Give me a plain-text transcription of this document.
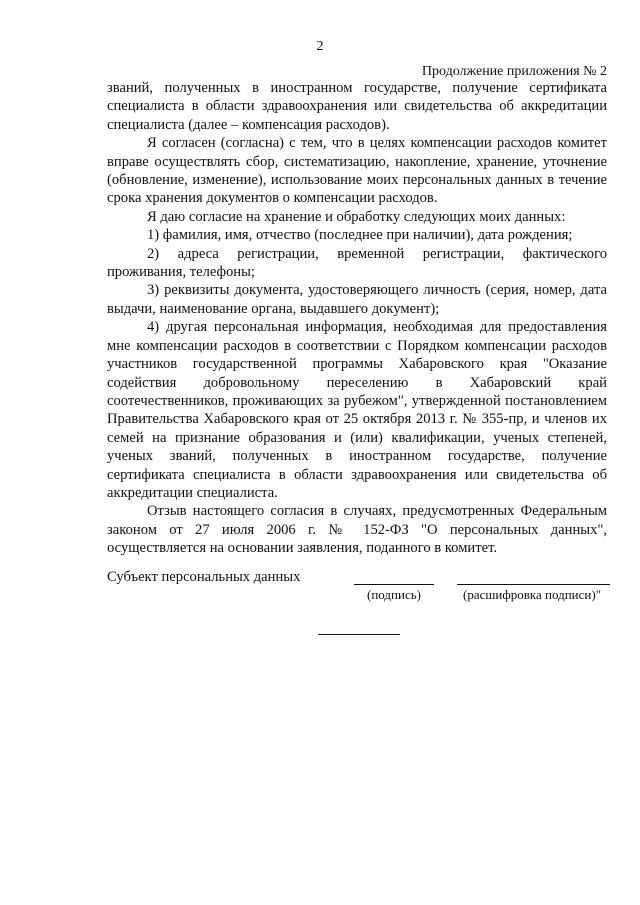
2
Продолжение приложения № 2

званий, полученных в иностранном государстве, получение сертификата специалиста в области здравоохранения или свидетельства об аккредитации специалиста (далее – компенсация расходов).

Я согласен (согласна) с тем, что в целях компенсации расходов комитет вправе осуществлять сбор, систематизацию, накопление, хранение, уточнение (обновление, изменение), использование моих персональных данных в течение срока хранения документов о компенсации расходов.

Я даю согласие на хранение и обработку следующих моих данных:

1) фамилия, имя, отчество (последнее при наличии), дата рождения;

2) адреса регистрации, временной регистрации, фактического проживания, телефоны;

3) реквизиты документа, удостоверяющего личность (серия, номер, дата выдачи, наименование органа, выдавшего документ);

4) другая персональная информация, необходимая для предоставления мне компенсации расходов в соответствии с Порядком компенсации расходов участников государственной программы Хабаровского края "Оказание содействия добровольному переселению в Хабаровский край соотечественников, проживающих за рубежом", утвержденной постановлением Правительства Хабаровского края от 25 октября 2013 г. № 355-пр, и членов их семей на признание образования и (или) квалификации, ученых степеней, ученых званий, полученных в иностранном государстве, получение сертификата специалиста в области здравоохранения или свидетельства об аккредитации специалиста.

Отзыв настоящего согласия в случаях, предусмотренных Федеральным законом от 27 июля 2006 г. № 152-ФЗ "О персональных данных", осуществляется на основании заявления, поданного в комитет.

Субъект персональных данных
(подпись)	(расшифровка подписи)"
